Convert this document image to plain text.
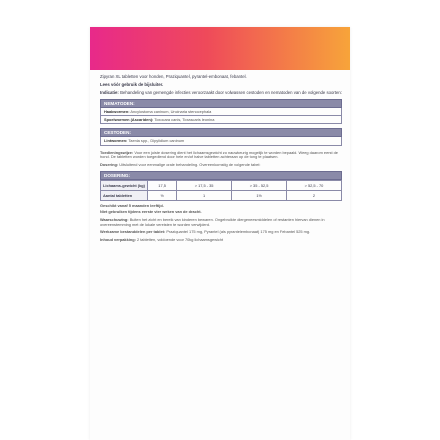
Zipyran XL tabletten voor honden, Praziquantel, pyrantel-embonaat, febantel.

Lees vóór gebruik de bijsluiter.

Indicatie: Behandeling van gemengde infecties veroorzaakt door volwassen cestoden en nematoden van de volgende soorten:

NEMATODEN:
Haakwormen: Ancylostoma caninum, Uncinaria stenocephala
Spoelwormen (Ascariden): Toxocara canis, Toxascaris leonina
CESTODEN:
Lintwormen: Taenia spp., Dipylidium caninum

Toedieningswijze: Voor een juiste dosering dient het lichaamsgewicht zo nauwkeurig mogelijk te worden bepaald. Weeg daarom eerst de hond. De tabletten worden toegediend door hele en/of halve tabletten achteraan op de tong te plaatsen.

Dosering: Uitsluitend voor eenmalige orale behandeling. Overeenkomstig de volgende tabel:

DOSERING:
Lichaams-gewicht (kg)	17,5	> 17,5 - 35	> 35 - 52,5	> 52,5 - 70
Aantal tabletten	½	1	1½	2

Geschikt vanaf 5 maanden leeftijd.

Niet gebruiken tijdens eerste vier weken van de dracht.

Waarschuwing: Buiten het zicht en bereik van kinderen bewaren. Ongebruikte diergeneesmiddelen of restanten hiervan dienen in overeenstemming met de lokale vereisten te worden verwijderd.

Werkzame bestanddelen per tablet: Praziquantel 175 mg, Pyrantel (als pyrantelembonaat) 175 mg en Febantel 525 mg.

Inhoud verpakking: 2 tabletten, voldoende voor 70kg lichaamsgewicht
